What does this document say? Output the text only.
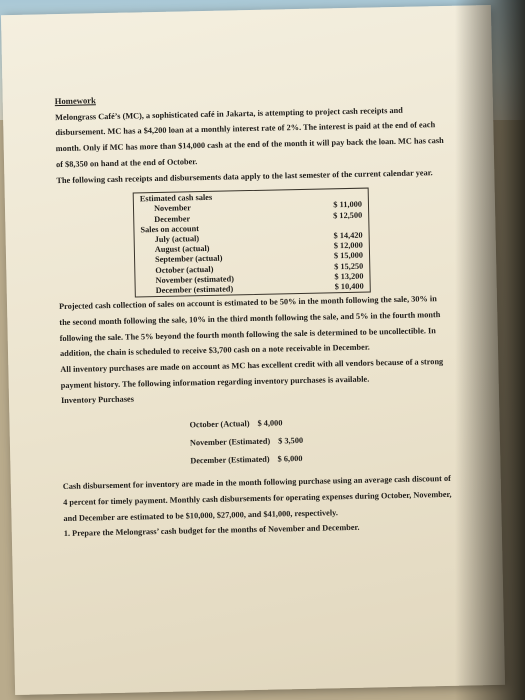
Homework

Melongrass Café’s (MC), a sophisticated café in Jakarta, is attempting to project cash receipts and disbursement. MC has a $4,200 loan at a monthly interest rate of 2%. The interest is paid at the end of each month. Only if MC has more than $14,000 cash at the end of the month it will pay back the loan. MC has cash of $8,350 on hand at the end of October.

The following cash receipts and disbursements data apply to the last semester of the current calendar year.

Estimated cash sales
November	$ 11,000
December	$ 12,500
Sales on account
July (actual)	$ 14,420
August (actual)	$ 12,000
September (actual)	$ 15,000
October (actual)	$ 15,250
November (estimated)	$ 13,200
December (estimated)	$ 10,400

Projected cash collection of sales on account is estimated to be 50% in the month following the sale, 30% in the second month following the sale, 10% in the third month following the sale, and 5% in the fourth month following the sale. The 5% beyond the fourth month following the sale is determined to be uncollectible. In addition, the chain is scheduled to receive $3,700 cash on a note receivable in December.

All inventory purchases are made on account as MC has excellent credit with all vendors because of a strong payment history. The following information regarding inventory purchases is available.

Inventory Purchases

October (Actual) $ 4,000
November (Estimated) $ 3,500
December (Estimated) $ 6,000

Cash disbursement for inventory are made in the month following purchase using an average cash discount of 4 percent for timely payment. Monthly cash disbursements for operating expenses during October, November, and December are estimated to be $10,000, $27,000, and $41,000, respectively.

1. Prepare the Melongrass’ cash budget for the months of November and December.
